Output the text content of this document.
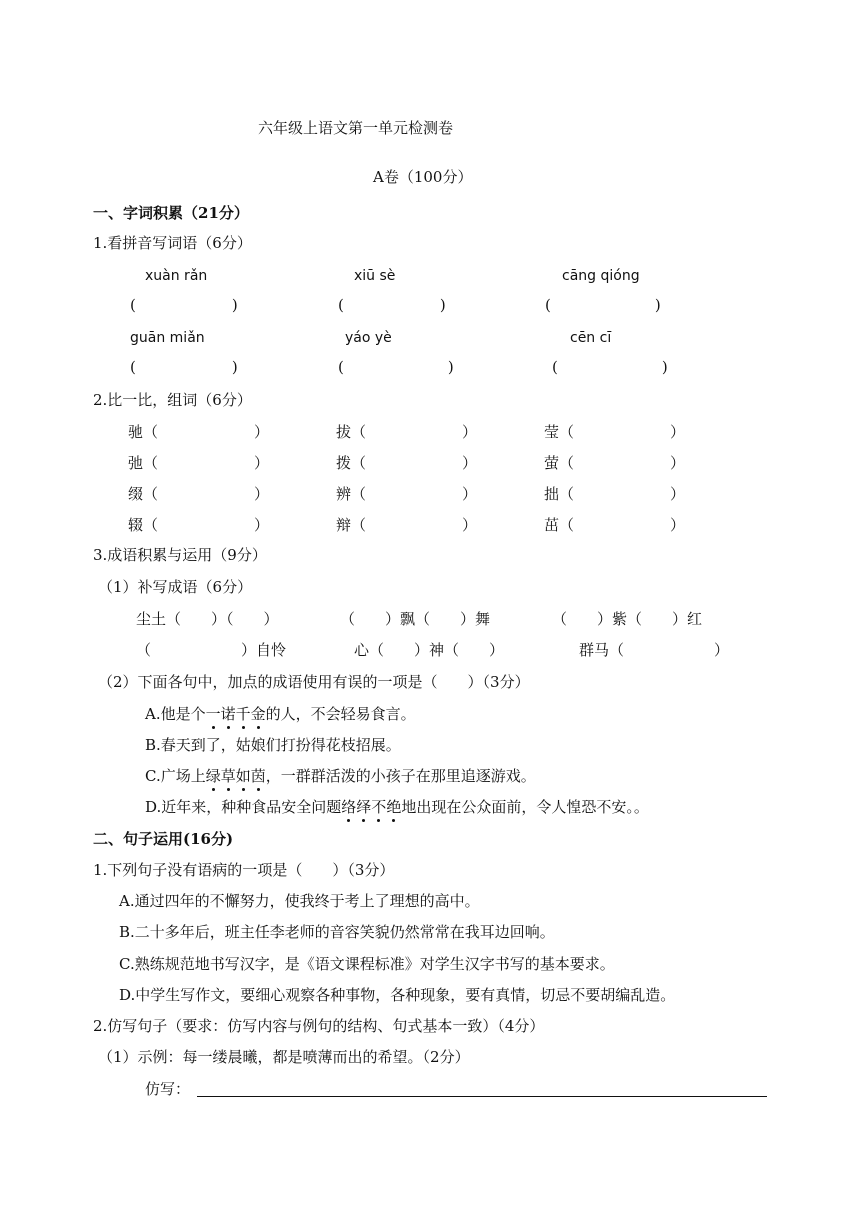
六年级上语文第一单元检测卷
A卷（100分）
一、字词积累（21分）
1.看拼音写词语（6分）
xuàn rǎn	xiū sè	cāng qióng
(	)	(	)	(	)
guān miǎn	yáo yè	cēn cī
(	)	(	)	(	)
2.比一比，组词（6分）
驰（	）	拔（	）	莹（	）
弛（	）	拨（	）	萤（	）
缀（	）	辨（	）	拙（	）
辍（	）	辩（	）	茁（	）
3.成语积累与运用（9分）
（1）补写成语（6分）
尘土（　　）（　　）	（　　）飘（　　）舞	（　　）紫（　　）红
（　　　　　　）自怜	心（　　）神（　　）	群马（　　　　　　）
（2）下面各句中，加点的成语使用有误的一项是（　　）（3分）
A.他是个一诺千金的人，不会轻易食言。
B.春天到了，姑娘们打扮得花枝招展。
C.广场上绿草如茵，一群群活泼的小孩子在那里追逐游戏。
D.近年来，种种食品安全问题络绎不绝地出现在公众面前，令人惶恐不安。。
二、句子运用(16分)
1.下列句子没有语病的一项是（　　）（3分）
A.通过四年的不懈努力，使我终于考上了理想的高中。
B.二十多年后，班主任李老师的音容笑貌仍然常常在我耳边回响。
C.熟练规范地书写汉字，是《语文课程标准》对学生汉字书写的基本要求。
D.中学生写作文，要细心观察各种事物，各种现象，要有真情，切忌不要胡编乱造。
2.仿写句子（要求：仿写内容与例句的结构、句式基本一致）（4分）
（1）示例：每一缕晨曦，都是喷薄而出的希望。（2分）
仿写：
